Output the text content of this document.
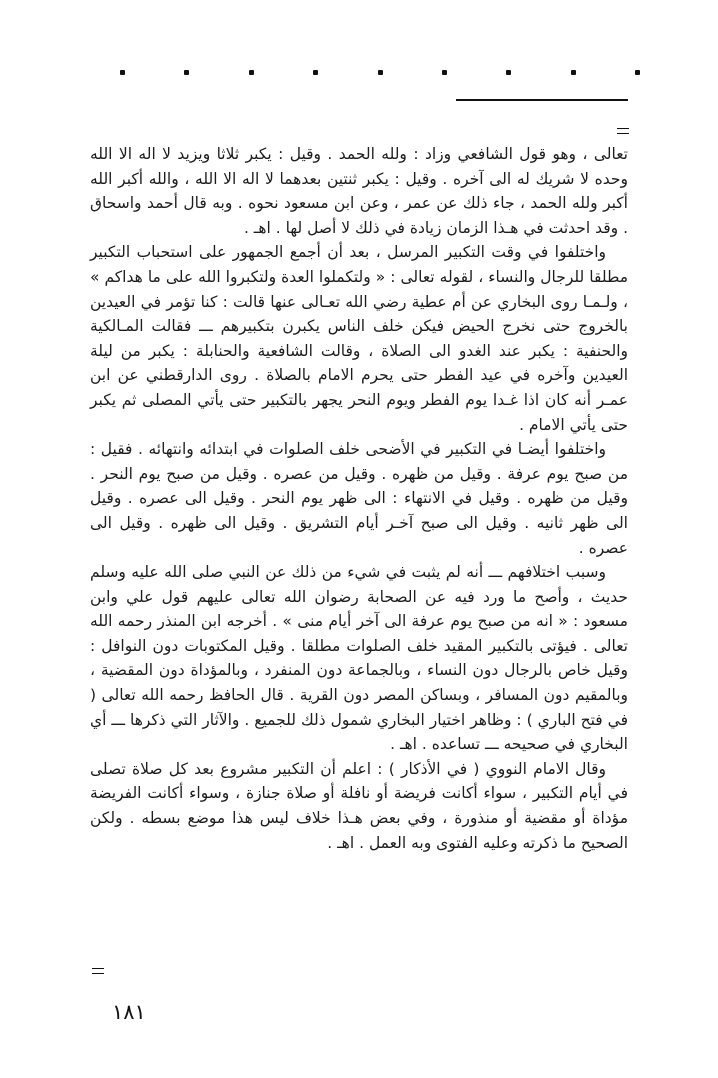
تعالى ، وهو قول الشافعي وزاد : ولله الحمد . وقيل : يكبر ثلاثا ويزيد لا اله الا الله وحده لا شريك له الى آخره . وقيل : يكبر ثنتين بعدهما لا اله الا الله ، والله أكبر الله أكبر ولله الحمد ، جاء ذلك عن عمر ، وعن ابن مسعود نحوه . وبه قال أحمد واسحاق . وقد احدثت في هـذا الزمان زيادة في ذلك لا أصل لها . اهـ .

واختلفوا في وقت التكبير المرسل ، بعد أن أجمع الجمهور على استحباب التكبير مطلقا للرجال والنساء ، لقوله تعالى : « ولتكملوا العدة ولتكبروا الله على ما هداكم » ، ولـمـا روى البخاري عن أم عطية رضي الله تعـالى عنها قالت : كنا تؤمر في العيدين بالخروج حتى نخرج الحيض فيكن خلف الناس يكبرن بتكبيرهم ـــ فقالت المـالكية والحنفية : يكبر عند الغدو الى الصلاة ، وقالت الشافعية والحنابلة : يكبر من ليلة العيدين وآخره في عيد الفطر حتى يحرم الامام بالصلاة . روى الدارقطني عن ابن عمـر أنه كان اذا غـدا يوم الفطر ويوم النحر يجهر بالتكبير حتى يأتي المصلى ثم يكبر حتى يأتي الامام .

واختلفوا أيضـا في التكبير في الأضحى خلف الصلوات في ابتدائه وانتهائه . فقيل : من صبح يوم عرفة . وقيل من ظهره . وقيل من عصره . وقيل من صبح يوم النحر . وقيل من ظهره . وقيل في الانتهاء : الى ظهر يوم النحر . وقيل الى عصره . وقيل الى ظهر ثانيه . وقيل الى صبح آخـر أيام التشريق . وقيل الى ظهره . وقيل الى عصره .

وسبب اختلافهم ـــ أنه لم يثبت في شيء من ذلك عن النبي صلى الله عليه وسلم حديث ، وأصح ما ورد فيه عن الصحابة رضوان الله تعالى عليهم قول علي وابن مسعود : « انه من صبح يوم عرفة الى آخر أيام منى » . أخرجه ابن المنذر رحمه الله تعالى . فيؤتى بالتكبير المقيد خلف الصلوات مطلقا . وقيل المكتوبات دون النوافل : وقيل خاص بالرجال دون النساء ، وبالجماعة دون المنفرد ، وبالمؤداة دون المقضية ، وبالمقيم دون المسافر ، وبساكن المصر دون القرية . قال الحافظ رحمه الله تعالى ( في فتح الباري ) : وظاهر اختيار البخاري شمول ذلك للجميع . والآثار التي ذكرها ـــ أي البخاري في صحيحه ـــ تساعده . اهـ .

وقال الامام النووي ( في الأذكار ) : اعلم أن التكبير مشروع بعد كل صلاة تصلى في أيام التكبير ، سواء أكانت فريضة أو نافلة أو صلاة جنازة ، وسواء أكانت الفريضة مؤداة أو مقضية أو منذورة ، وفي بعض هـذا خلاف ليس هذا موضع بسطه . ولكن الصحيح ما ذكرته وعليه الفتوى وبه العمل . اهـ .

١٨١
